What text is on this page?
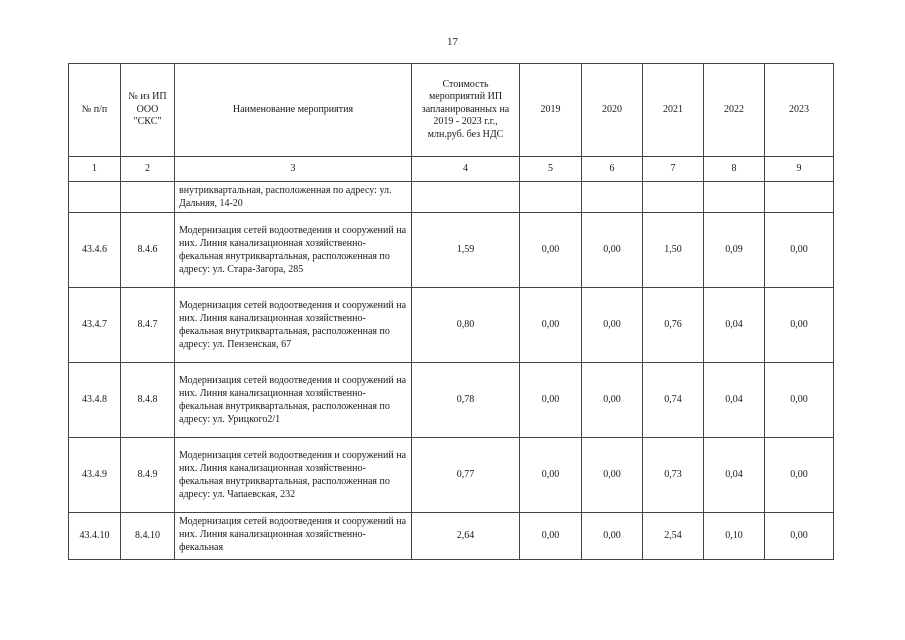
17
№ п/п	№ из ИП ООО "СКС"	Наименование мероприятия	Стоимость мероприятий ИП запланированных на 2019 - 2023 г.г., млн.руб. без НДС	2019	2020	2021	2022	2023
1	2	3	4	5	6	7	8	9
		внутриквартальная, расположенная по адресу: ул. Дальняя, 14-20						
43.4.6	8.4.6	Модернизация сетей водоотведения и сооружений на них. Линия канализационная хозяйственно-фекальная внутриквартальная, расположенная по адресу: ул. Стара-Загора, 285	1,59	0,00	0,00	1,50	0,09	0,00
43.4.7	8.4.7	Модернизация сетей водоотведения и сооружений на них. Линия канализационная хозяйственно-фекальная внутриквартальная, расположенная по адресу: ул. Пензенская, 67	0,80	0,00	0,00	0,76	0,04	0,00
43.4.8	8.4.8	Модернизация сетей водоотведения и сооружений на них. Линия канализационная хозяйственно-фекальная внутриквартальная, расположенная по адресу: ул. Урицкого2/1	0,78	0,00	0,00	0,74	0,04	0,00
43.4.9	8.4.9	Модернизация сетей водоотведения и сооружений на них. Линия канализационная хозяйственно-фекальная внутриквартальная, расположенная по адресу: ул. Чапаевская, 232	0,77	0,00	0,00	0,73	0,04	0,00
43.4.10	8.4.10	Модернизация сетей водоотведения и сооружений на них. Линия канализационная хозяйственно-фекальная	2,64	0,00	0,00	2,54	0,10	0,00
